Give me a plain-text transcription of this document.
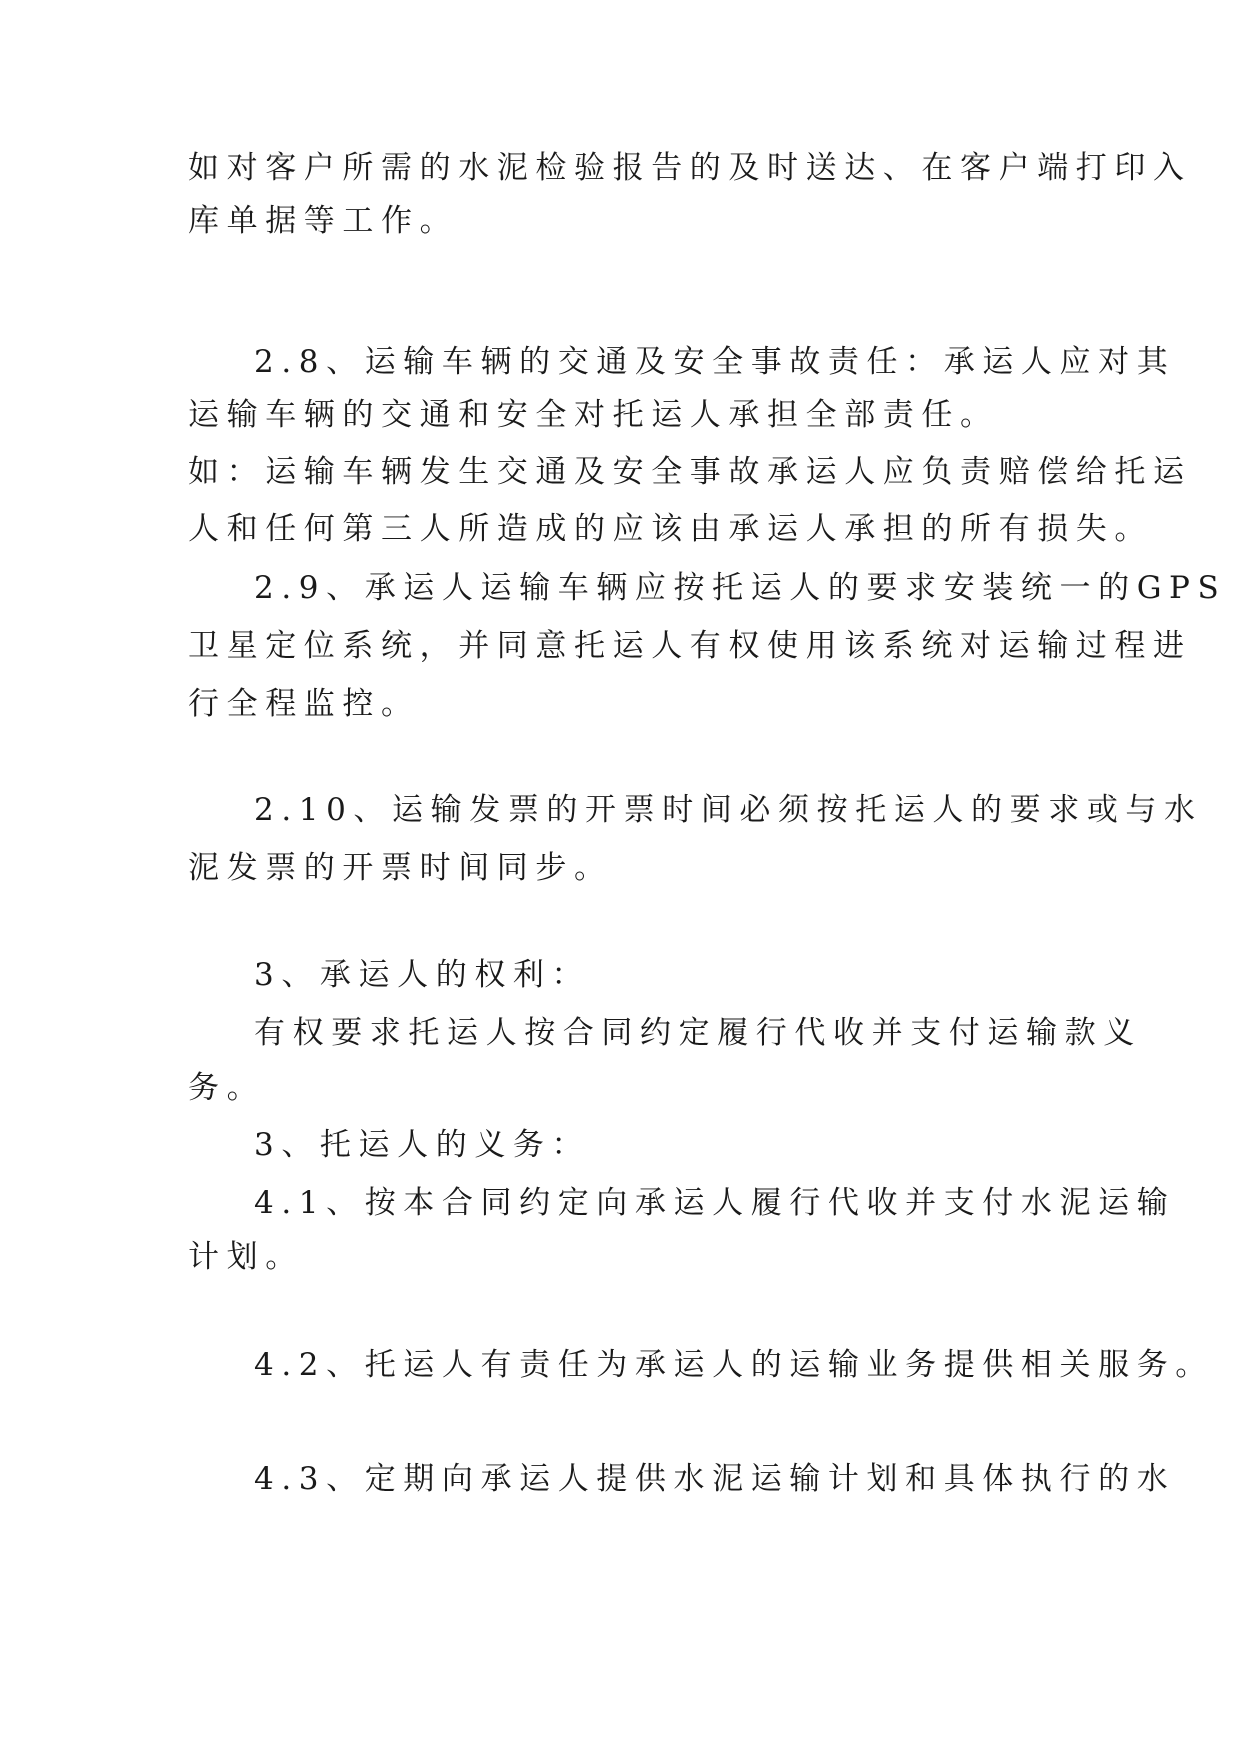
如对客户所需的水泥检验报告的及时送达、在客户端打印入

库单据等工作。

2.8、运输车辆的交通及安全事故责任：承运人应对其

运输车辆的交通和安全对托运人承担全部责任。

如：运输车辆发生交通及安全事故承运人应负责赔偿给托运

人和任何第三人所造成的应该由承运人承担的所有损失。

2.9、承运人运输车辆应按托运人的要求安装统一的GPS

卫星定位系统，并同意托运人有权使用该系统对运输过程进

行全程监控。

2.10、运输发票的开票时间必须按托运人的要求或与水

泥发票的开票时间同步。

3、承运人的权利：

有权要求托运人按合同约定履行代收并支付运输款义

务。

3、托运人的义务：

4.1、按本合同约定向承运人履行代收并支付水泥运输

计划。

4.2、托运人有责任为承运人的运输业务提供相关服务。

4.3、定期向承运人提供水泥运输计划和具体执行的水
